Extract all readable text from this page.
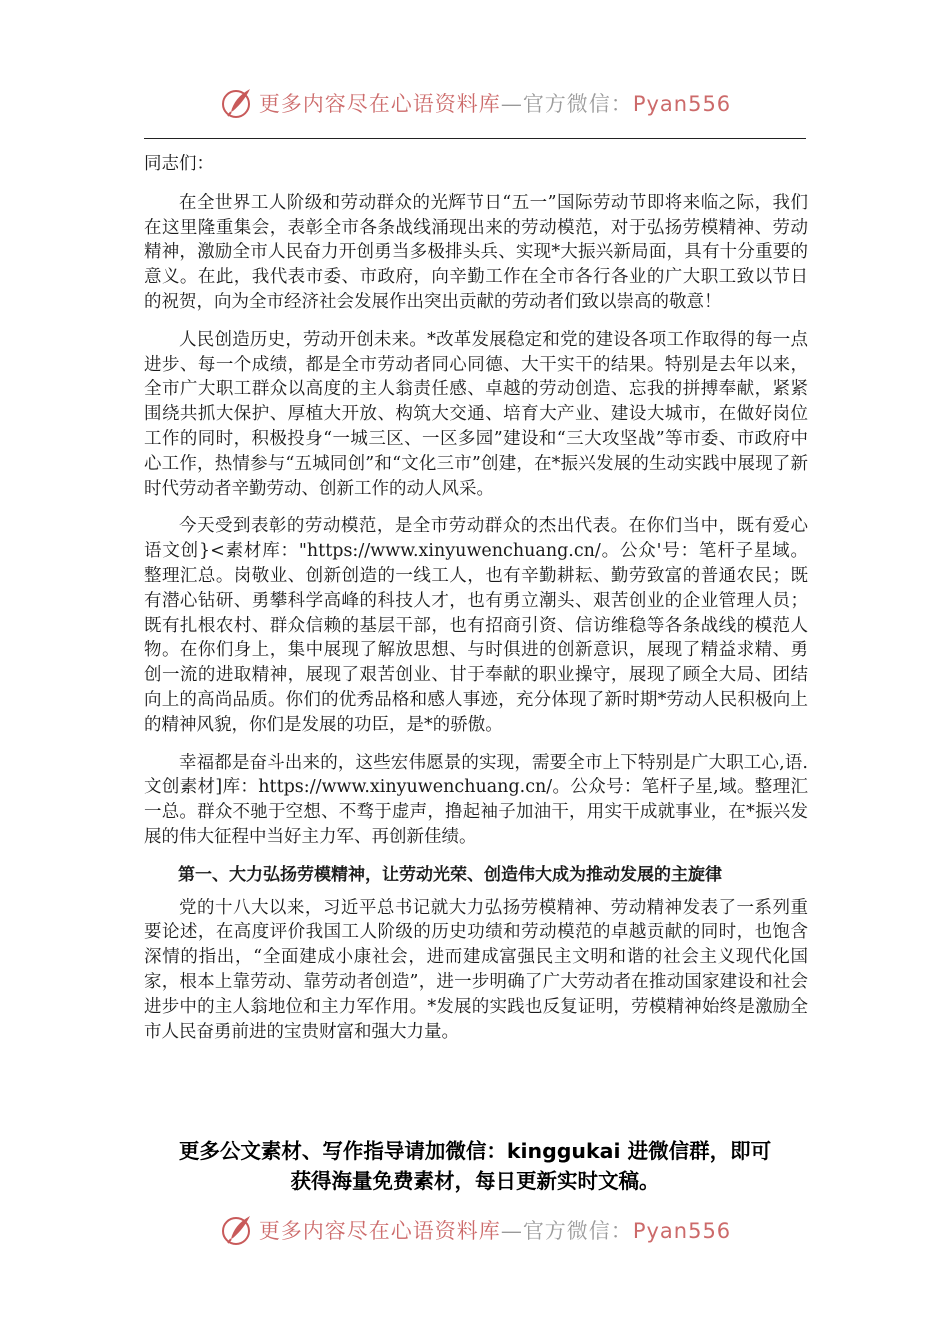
更多内容尽在心语资料库—官方微信：Pyan556

同志们：

在全世界工人阶级和劳动群众的光辉节日“五一”国际劳动节即将来临之际，我们在这里隆重集会，表彰全市各条战线涌现出来的劳动模范，对于弘扬劳模精神、劳动精神，激励全市人民奋力开创勇当多极排头兵、实现*大振兴新局面，具有十分重要的意义。在此，我代表市委、市政府，向辛勤工作在全市各行各业的广大职工致以节日的祝贺，向为全市经济社会发展作出突出贡献的劳动者们致以崇高的敬意！

人民创造历史，劳动开创未来。*改革发展稳定和党的建设各项工作取得的每一点进步、每一个成绩，都是全市劳动者同心同德、大干实干的结果。特别是去年以来，全市广大职工群众以高度的主人翁责任感、卓越的劳动创造、忘我的拼搏奉献，紧紧围绕共抓大保护、厚植大开放、构筑大交通、培育大产业、建设大城市，在做好岗位工作的同时，积极投身“一城三区、一区多园”建设和“三大攻坚战”等市委、市政府中心工作，热情参与“五城同创”和“文化三市”创建，在*振兴发展的生动实践中展现了新时代劳动者辛勤劳动、创新工作的动人风采。

今天受到表彰的劳动模范，是全市劳动群众的杰出代表。在你们当中，既有爱心语文创}<素材库："https://www.xinyuwenchuang.cn/。公众'号：笔杆子星域。整理汇总。岗敬业、创新创造的一线工人，也有辛勤耕耘、勤劳致富的普通农民；既有潜心钻研、勇攀科学高峰的科技人才，也有勇立潮头、艰苦创业的企业管理人员；既有扎根农村、群众信赖的基层干部，也有招商引资、信访维稳等各条战线的模范人物。在你们身上，集中展现了解放思想、与时俱进的创新意识，展现了精益求精、勇创一流的进取精神，展现了艰苦创业、甘于奉献的职业操守，展现了顾全大局、团结向上的高尚品质。你们的优秀品格和感人事迹，充分体现了新时期*劳动人民积极向上的精神风貌，你们是发展的功臣，是*的骄傲。

幸福都是奋斗出来的，这些宏伟愿景的实现，需要全市上下特别是广大职工心,语.文创素材]库：https://www.xinyuwenchuang.cn/。公众号：笔杆子星,域。整理汇一总。群众不驰于空想、不骛于虚声，撸起袖子加油干，用实干成就事业，在*振兴发展的伟大征程中当好主力军、再创新佳绩。

第一、大力弘扬劳模精神，让劳动光荣、创造伟大成为推动发展的主旋律

党的十八大以来，习近平总书记就大力弘扬劳模精神、劳动精神发表了一系列重要论述，在高度评价我国工人阶级的历史功绩和劳动模范的卓越贡献的同时，也饱含深情的指出，“全面建成小康社会，进而建成富强民主文明和谐的社会主义现代化国家，根本上靠劳动、靠劳动者创造”，进一步明确了广大劳动者在推动国家建设和社会进步中的主人翁地位和主力军作用。*发展的实践也反复证明，劳模精神始终是激励全市人民奋勇前进的宝贵财富和强大力量。

更多公文素材、写作指导请加微信：kinggukai 进微信群，即可
获得海量免费素材，每日更新实时文稿。
更多内容尽在心语资料库—官方微信：Pyan556
